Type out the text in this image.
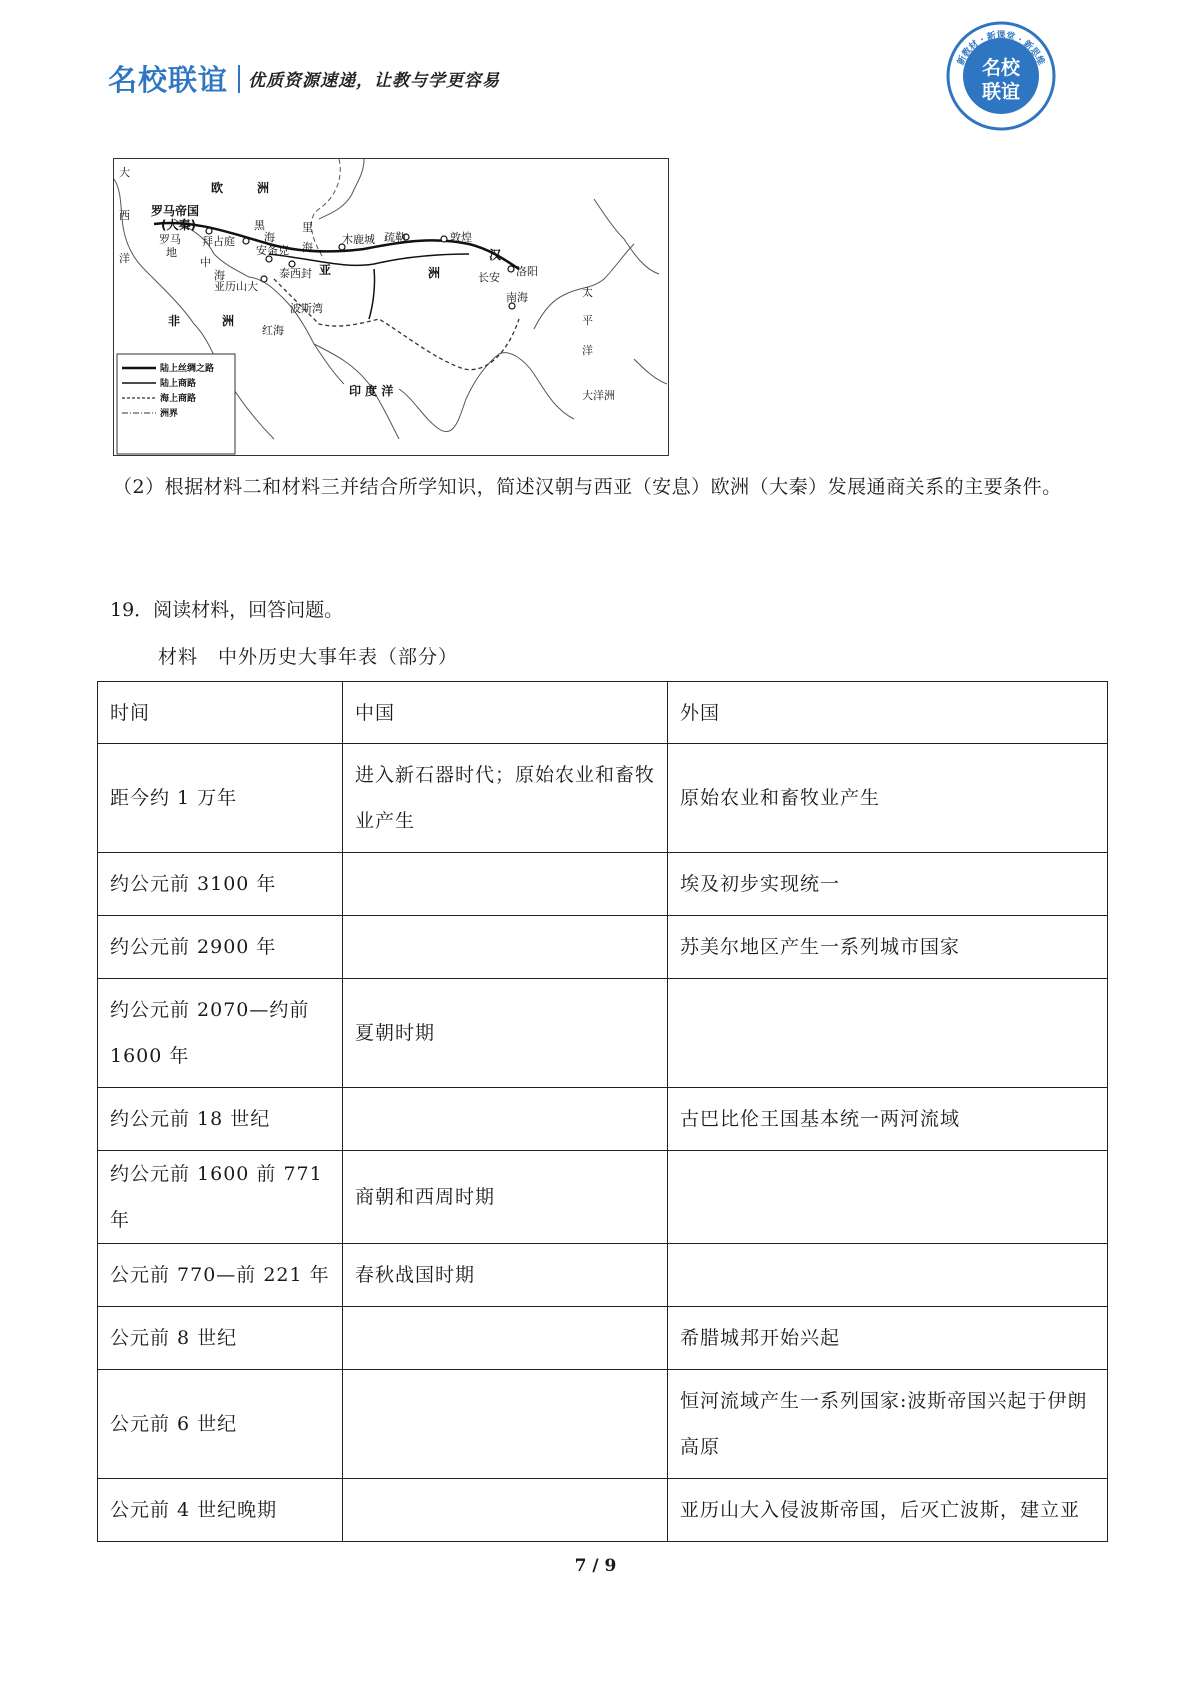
名校联谊 优质资源速递，让教与学更容易
新教材 · 新课堂 · 新思维
名校
联谊
大
西
洋
欧	洲
罗马帝国
(大秦)
罗马
地
拜占庭
黑
海
安条克
里
海
木鹿城 疏勒	敦煌
汉
长安 洛阳
南海
中
海	泰西封 亚	洲
亚历山大
波斯湾
非	洲
红海
印 度 洋
太
平
洋
大洋洲
陆上丝绸之路
陆上商路
海上商路
洲界
（2）根据材料二和材料三并结合所学知识，简述汉朝与西亚（安息）欧洲（大秦）发展通商关系的主要条件。
19．阅读材料，回答问题。
材料　中外历史大事年表（部分）
时间	中国	外国
距今约 1 万年	进入新石器时代；原始农业和畜牧业产生	原始农业和畜牧业产生
约公元前 3100 年		埃及初步实现统一
约公元前 2900 年		苏美尔地区产生一系列城市国家
约公元前 2070—约前 1600 年	夏朝时期	
约公元前 18 世纪		古巴比伦王国基本统一两河流域
约公元前 1600 前 771 年	商朝和西周时期	
公元前 770—前 221 年	春秋战国时期	
公元前 8 世纪		希腊城邦开始兴起
公元前 6 世纪		恒河流域产生一系列国家:波斯帝国兴起于伊朗高原
公元前 4 世纪晚期		亚历山大入侵波斯帝国，后灭亡波斯，建立亚
7 / 9
